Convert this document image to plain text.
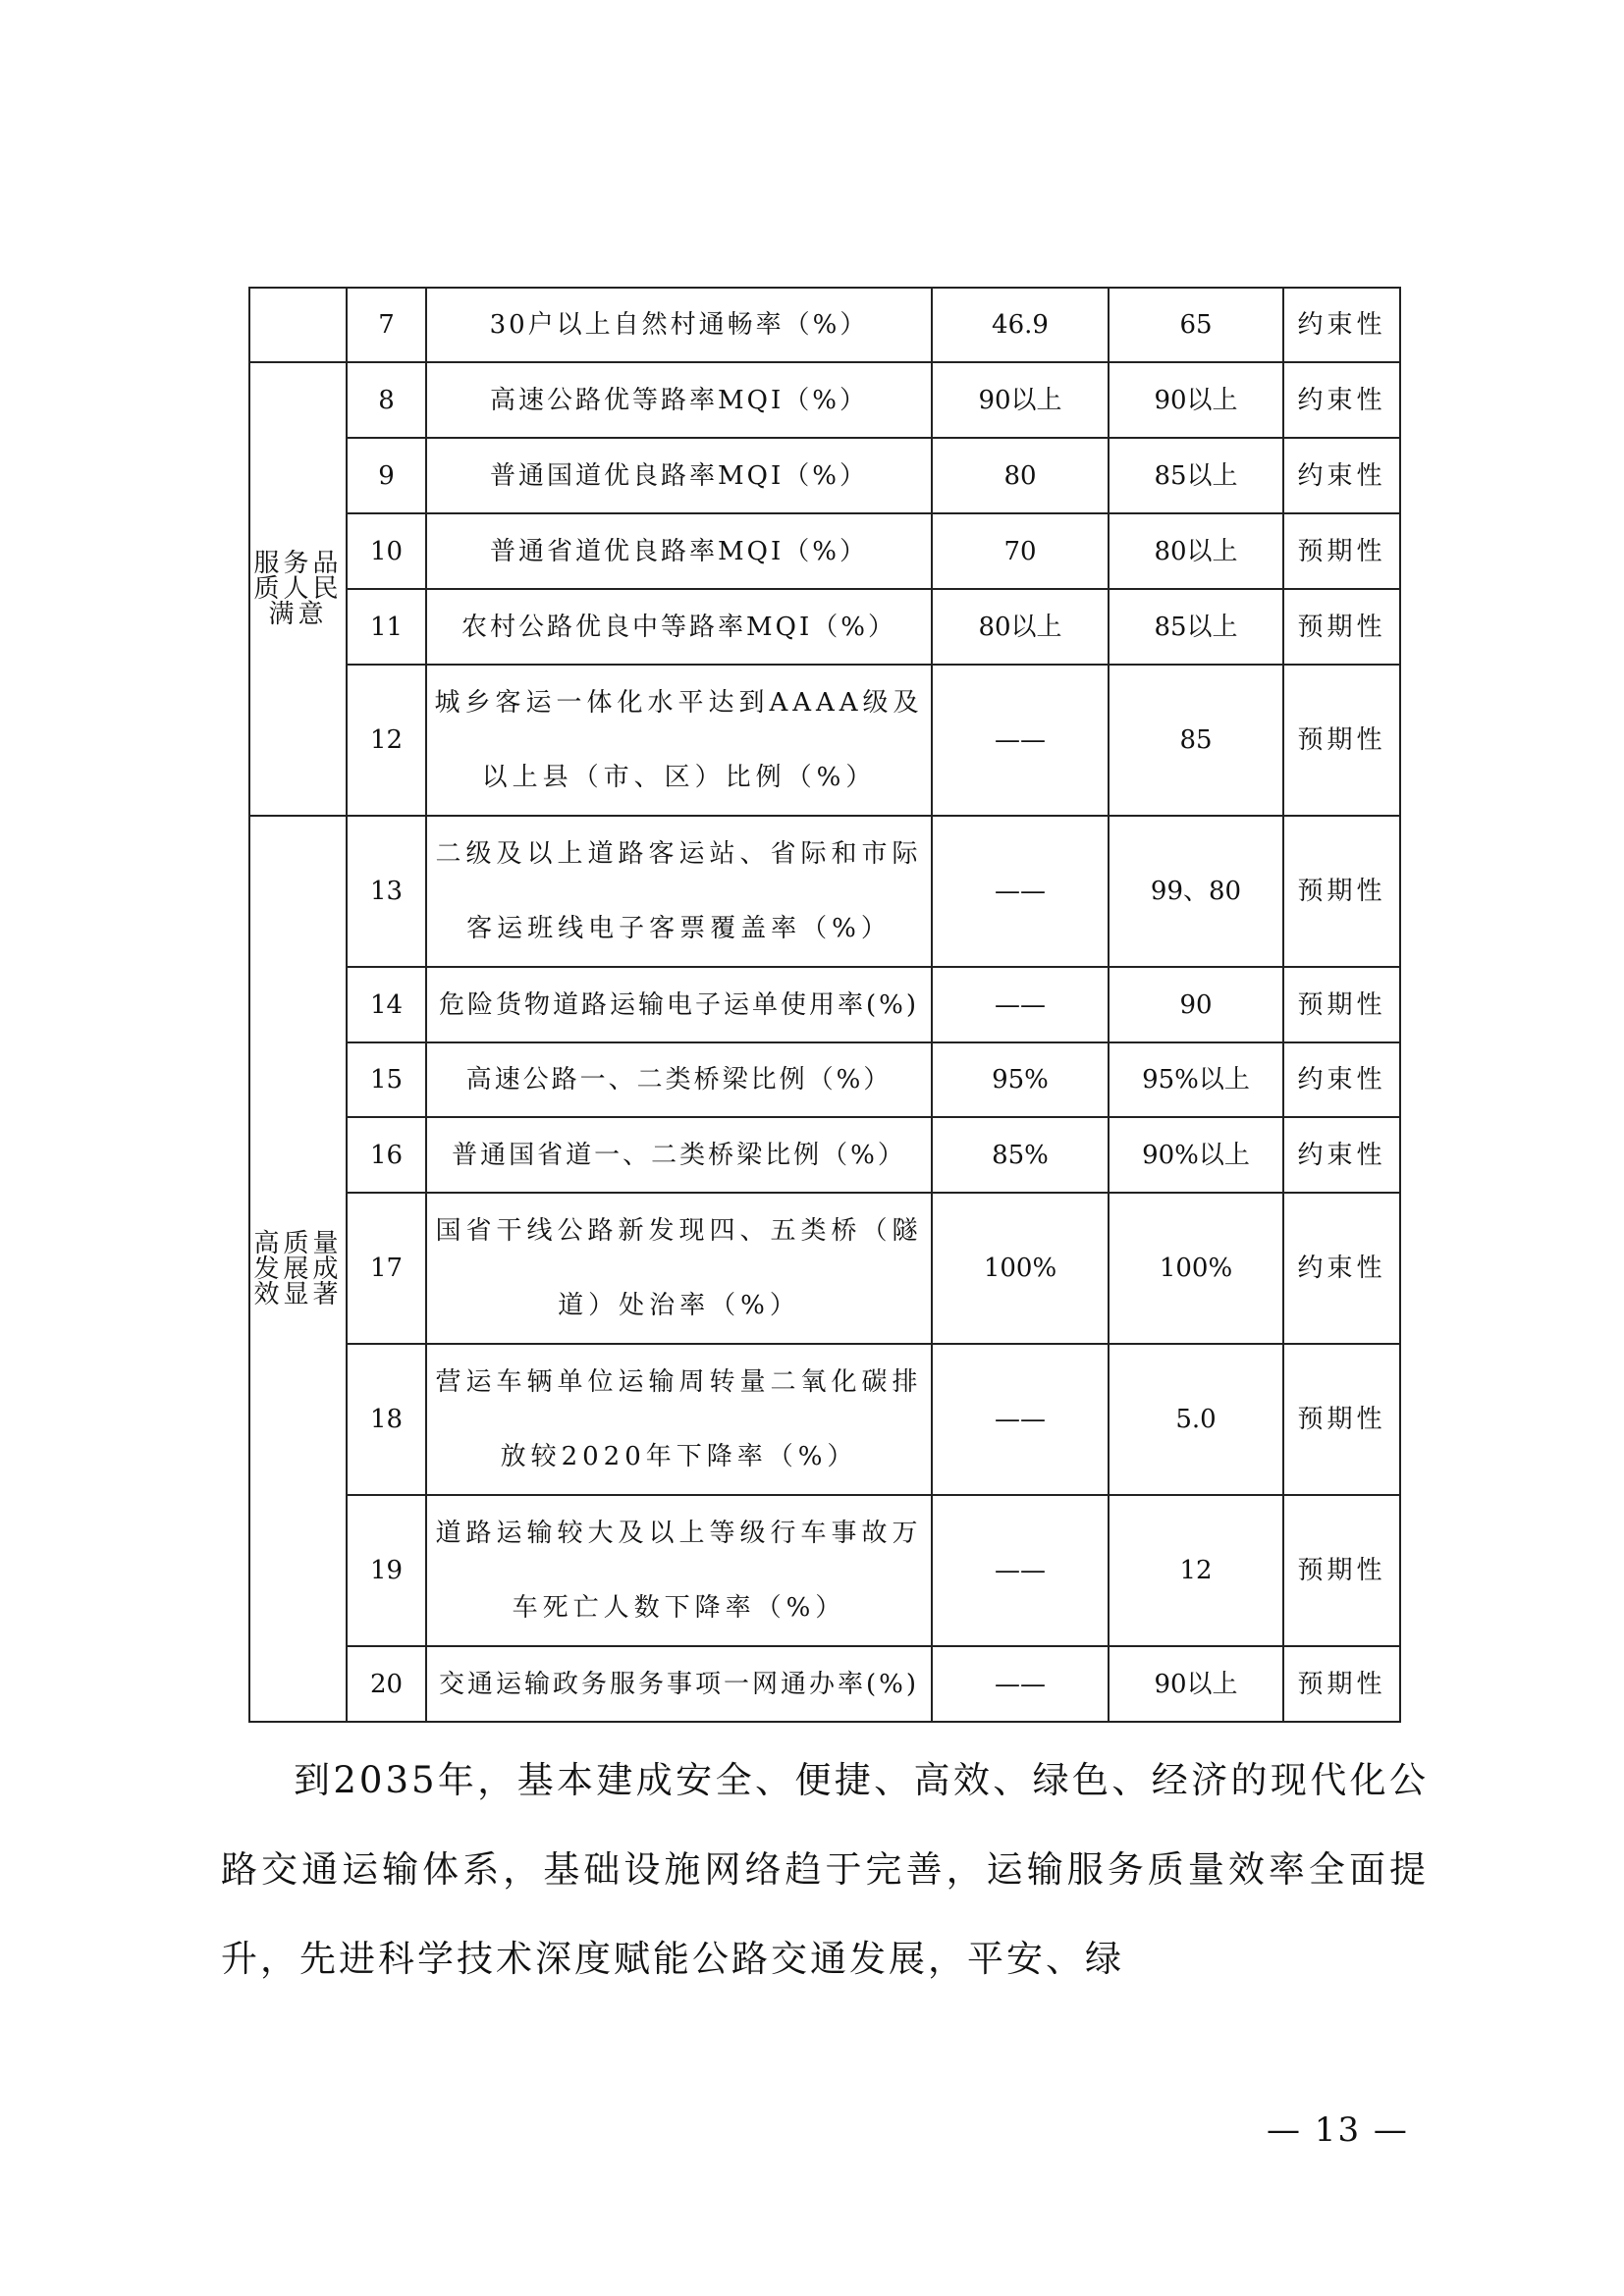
	7	30户以上自然村通畅率（%）	46.9	65	约束性
服务品质人民满意	8	高速公路优等路率MQI（%）	90以上	90以上	约束性
	9	普通国道优良路率MQI（%）	80	85以上	约束性
	10	普通省道优良路率MQI（%）	70	80以上	预期性
	11	农村公路优良中等路率MQI（%）	80以上	85以上	预期性
	12	城乡客运一体化水平达到AAAA级及以上县（市、区）比例（%）	——	85	预期性
高质量发展成效显著	13	二级及以上道路客运站、省际和市际客运班线电子客票覆盖率（%）	——	99、80	预期性
	14	危险货物道路运输电子运单使用率(%)	——	90	预期性
	15	高速公路一、二类桥梁比例（%）	95%	95%以上	约束性
	16	普通国省道一、二类桥梁比例（%）	85%	90%以上	约束性
	17	国省干线公路新发现四、五类桥（隧道）处治率（%）	100%	100%	约束性
	18	营运车辆单位运输周转量二氧化碳排放较2020年下降率（%）	——	5.0	预期性
	19	道路运输较大及以上等级行车事故万车死亡人数下降率（%）	——	12	预期性
	20	交通运输政务服务事项一网通办率(%)	——	90以上	预期性

到2035年，基本建成安全、便捷、高效、绿色、经济的现代化公路交通运输体系，基础设施网络趋于完善，运输服务质量效率全面提升，先进科学技术深度赋能公路交通发展，平安、绿

— 13 —
